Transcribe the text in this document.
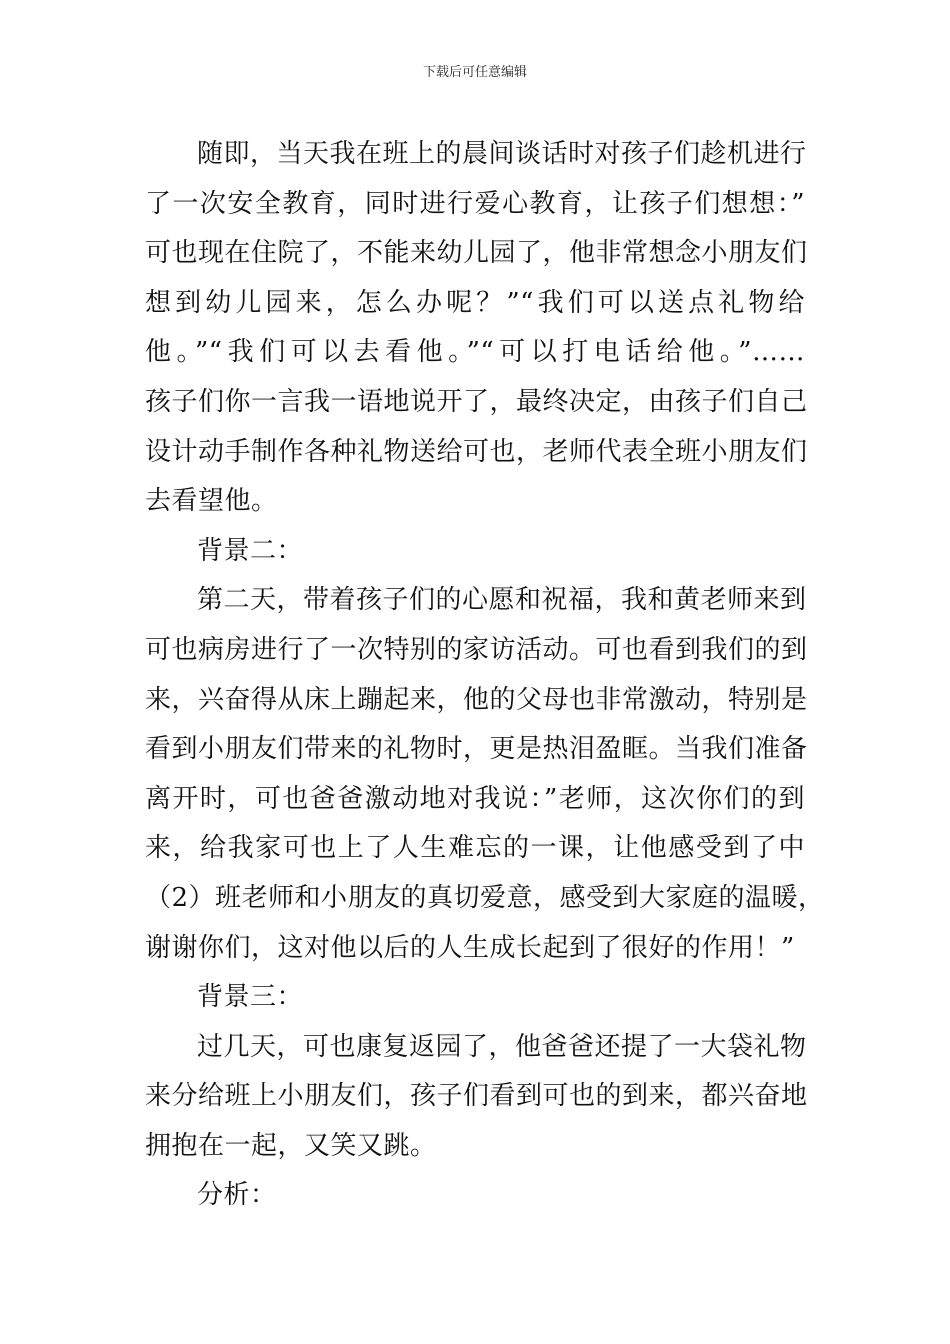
下载后可任意编辑
随即，当天我在班上的晨间谈话时对孩子们趁机进行
了一次安全教育，同时进行爱心教育，让孩子们想想：”
可也现在住院了，不能来幼儿园了，他非常想念小朋友们
想到幼儿园来，怎么办呢？”“我们可以送点礼物给
他。”“我们可以去看他。”“可以打电话给他。”……
孩子们你一言我一语地说开了，最终决定，由孩子们自己
设计动手制作各种礼物送给可也，老师代表全班小朋友们
去看望他。
背景二：
第二天，带着孩子们的心愿和祝福，我和黄老师来到
可也病房进行了一次特别的家访活动。可也看到我们的到
来，兴奋得从床上蹦起来，他的父母也非常激动，特别是
看到小朋友们带来的礼物时，更是热泪盈眶。当我们准备
离开时，可也爸爸激动地对我说：”老师，这次你们的到
来，给我家可也上了人生难忘的一课，让他感受到了中
（2）班老师和小朋友的真切爱意，感受到大家庭的温暖，
谢谢你们，这对他以后的人生成长起到了很好的作用！”
背景三：
过几天，可也康复返园了，他爸爸还提了一大袋礼物
来分给班上小朋友们，孩子们看到可也的到来，都兴奋地
拥抱在一起，又笑又跳。
分析：
